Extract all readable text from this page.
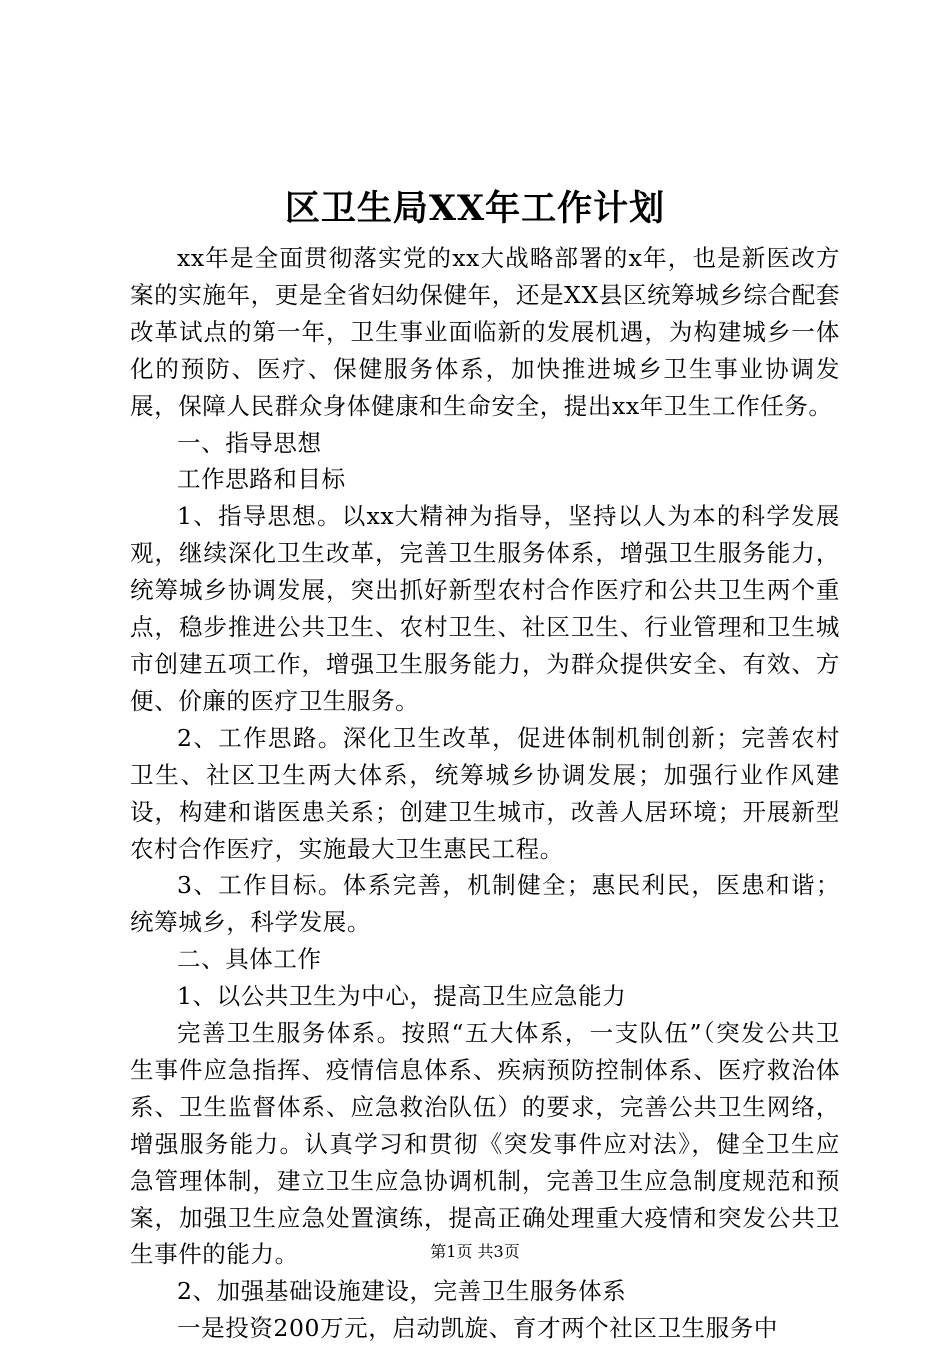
区卫生局XX年工作计划

xx年是全面贯彻落实党的xx大战略部署的x年，也是新医改方案的实施年，更是全省妇幼保健年，还是XX县区统筹城乡综合配套改革试点的第一年，卫生事业面临新的发展机遇，为构建城乡一体化的预防、医疗、保健服务体系，加快推进城乡卫生事业协调发展，保障人民群众身体健康和生命安全，提出xx年卫生工作任务。

一、指导思想

工作思路和目标

1、指导思想。以xx大精神为指导，坚持以人为本的科学发展观，继续深化卫生改革，完善卫生服务体系，增强卫生服务能力，统筹城乡协调发展，突出抓好新型农村合作医疗和公共卫生两个重点，稳步推进公共卫生、农村卫生、社区卫生、行业管理和卫生城市创建五项工作，增强卫生服务能力，为群众提供安全、有效、方便、价廉的医疗卫生服务。

2、工作思路。深化卫生改革，促进体制机制创新；完善农村卫生、社区卫生两大体系，统筹城乡协调发展；加强行业作风建设，构建和谐医患关系；创建卫生城市，改善人居环境；开展新型农村合作医疗，实施最大卫生惠民工程。

3、工作目标。体系完善，机制健全；惠民利民，医患和谐；统筹城乡，科学发展。

二、具体工作

1、以公共卫生为中心，提高卫生应急能力

完善卫生服务体系。按照“五大体系，一支队伍”（突发公共卫生事件应急指挥、疫情信息体系、疾病预防控制体系、医疗救治体系、卫生监督体系、应急救治队伍）的要求，完善公共卫生网络，增强服务能力。认真学习和贯彻《突发事件应对法》，健全卫生应急管理体制，建立卫生应急协调机制，完善卫生应急制度规范和预案，加强卫生应急处置演练，提高正确处理重大疫情和突发公共卫生事件的能力。

2、加强基础设施建设，完善卫生服务体系

一是投资200万元，启动凯旋、育才两个社区卫生服务中

第1页 共3页
